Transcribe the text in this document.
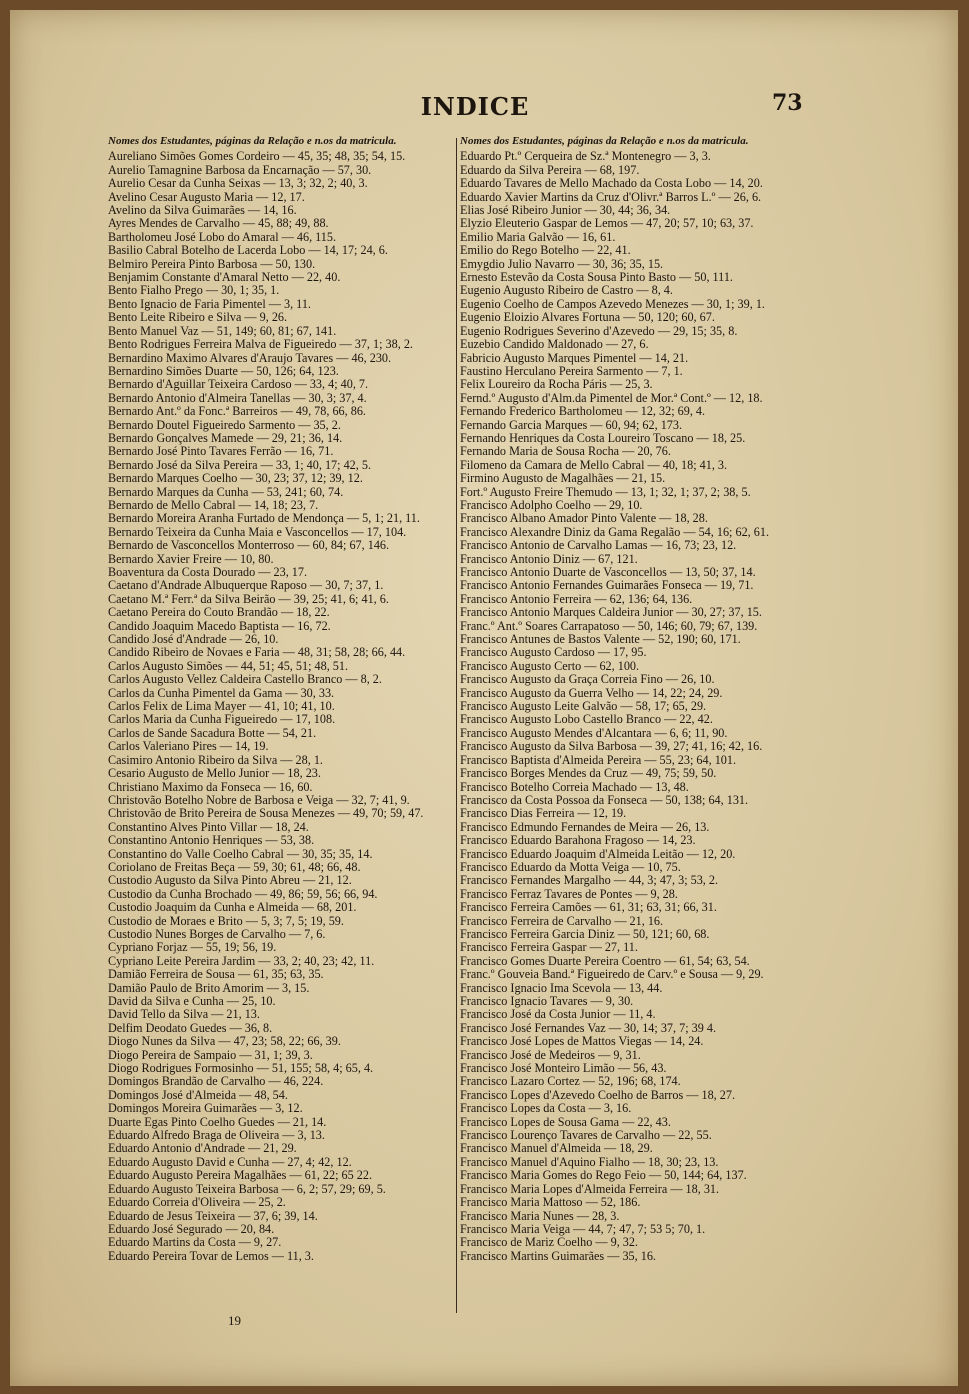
INDICE	73
Nomes dos Estudantes, páginas da Relação e n.os da matricula.
Aureliano Simões Gomes Cordeiro — 45, 35; 48, 35; 54, 15.
Aurelio Tamagnine Barbosa da Encarnação — 57, 30.
Aurelio Cesar da Cunha Seixas — 13, 3; 32, 2; 40, 3.
Avelino Cesar Augusto Maria — 12, 17.
Avelino da Silva Guimarães — 14, 16.
Ayres Mendes de Carvalho — 45, 88; 49, 88.
Bartholomeu José Lobo do Amaral — 46, 115.
Basilio Cabral Botelho de Lacerda Lobo — 14, 17; 24, 6.
Belmiro Pereira Pinto Barbosa — 50, 130.
Benjamim Constante d'Amaral Netto — 22, 40.
Bento Fialho Prego — 30, 1; 35, 1.
Bento Ignacio de Faria Pimentel — 3, 11.
Bento Leite Ribeiro e Silva — 9, 26.
Bento Manuel Vaz — 51, 149; 60, 81; 67, 141.
Bento Rodrigues Ferreira Malva de Figueiredo — 37, 1; 38, 2.
Bernardino Maximo Alvares d'Araujo Tavares — 46, 230.
Bernardino Simões Duarte — 50, 126; 64, 123.
Bernardo d'Aguillar Teixeira Cardoso — 33, 4; 40, 7.
Bernardo Antonio d'Almeira Tanellas — 30, 3; 37, 4.
Bernardo Ant.º da Fonc.ª Barreiros — 49, 78, 66, 86.
Bernardo Doutel Figueiredo Sarmento — 35, 2.
Bernardo Gonçalves Mamede — 29, 21; 36, 14.
Bernardo José Pinto Tavares Ferrão — 16, 71.
Bernardo José da Silva Pereira — 33, 1; 40, 17; 42, 5.
Bernardo Marques Coelho — 30, 23; 37, 12; 39, 12.
Bernardo Marques da Cunha — 53, 241; 60, 74.
Bernardo de Mello Cabral — 14, 18; 23, 7.
Bernardo Moreira Aranha Furtado de Mendonça — 5, 1; 21, 11.
Bernardo Teixeira da Cunha Maia e Vasconcellos — 17, 104.
Bernardo de Vasconcellos Monterroso — 60, 84; 67, 146.
Bernardo Xavier Freire — 10, 80.
Boaventura da Costa Dourado — 23, 17.
Caetano d'Andrade Albuquerque Raposo — 30, 7; 37, 1.
Caetano M.ª Ferr.ª da Silva Beirão — 39, 25; 41, 6; 41, 6.
Caetano Pereira do Couto Brandão — 18, 22.
Candido Joaquim Macedo Baptista — 16, 72.
Candido José d'Andrade — 26, 10.
Candido Ribeiro de Novaes e Faria — 48, 31; 58, 28; 66, 44.
Carlos Augusto Simões — 44, 51; 45, 51; 48, 51.
Carlos Augusto Vellez Caldeira Castello Branco — 8, 2.
Carlos da Cunha Pimentel da Gama — 30, 33.
Carlos Felix de Lima Mayer — 41, 10; 41, 10.
Carlos Maria da Cunha Figueiredo — 17, 108.
Carlos de Sande Sacadura Botte — 54, 21.
Carlos Valeriano Pires — 14, 19.
Casimiro Antonio Ribeiro da Silva — 28, 1.
Cesario Augusto de Mello Junior — 18, 23.
Christiano Maximo da Fonseca — 16, 60.
Christovão Botelho Nobre de Barbosa e Veiga — 32, 7; 41, 9.
Christovão de Brito Pereira de Sousa Menezes — 49, 70; 59, 47.
Constantino Alves Pinto Villar — 18, 24.
Constantino Antonio Henriques — 53, 38.
Constantino do Valle Coelho Cabral — 30, 35; 35, 14.
Coriolano de Freitas Beça — 59, 30; 61, 48; 66, 48.
Custodio Augusto da Silva Pinto Abreu — 21, 12.
Custodio da Cunha Brochado — 49, 86; 59, 56; 66, 94.
Custodio Joaquim da Cunha e Almeida — 68, 201.
Custodio de Moraes e Brito — 5, 3; 7, 5; 19, 59.
Custodio Nunes Borges de Carvalho — 7, 6.
Cypriano Forjaz — 55, 19; 56, 19.
Cypriano Leite Pereira Jardim — 33, 2; 40, 23; 42, 11.
Damião Ferreira de Sousa — 61, 35; 63, 35.
Damião Paulo de Brito Amorim — 3, 15.
David da Silva e Cunha — 25, 10.
David Tello da Silva — 21, 13.
Delfim Deodato Guedes — 36, 8.
Diogo Nunes da Silva — 47, 23; 58, 22; 66, 39.
Diogo Pereira de Sampaio — 31, 1; 39, 3.
Diogo Rodrigues Formosinho — 51, 155; 58, 4; 65, 4.
Domingos Brandão de Carvalho — 46, 224.
Domingos José d'Almeida — 48, 54.
Domingos Moreira Guimarães — 3, 12.
Duarte Egas Pinto Coelho Guedes — 21, 14.
Eduardo Alfredo Braga de Oliveira — 3, 13.
Eduardo Antonio d'Andrade — 21, 29.
Eduardo Augusto David e Cunha — 27, 4; 42, 12.
Eduardo Augusto Pereira Magalhães — 61, 22; 65 22.
Eduardo Augusto Teixeira Barbosa — 6, 2; 57, 29; 69, 5.
Eduardo Correia d'Oliveira — 25, 2.
Eduardo de Jesus Teixeira — 37, 6; 39, 14.
Eduardo José Segurado — 20, 84.
Eduardo Martins da Costa — 9, 27.
Eduardo Pereira Tovar de Lemos — 11, 3.
Nomes dos Estudantes, páginas da Relação e n.os da matricula.
Eduardo Pt.º Cerqueira de Sz.ª Montenegro — 3, 3.
Eduardo da Silva Pereira — 68, 197.
Eduardo Tavares de Mello Machado da Costa Lobo — 14, 20.
Eduardo Xavier Martins da Cruz d'Olivr.ª Barros L.º — 26, 6.
Elias José Ribeiro Junior — 30, 44; 36, 34.
Elyzio Eleuterio Gaspar de Lemos — 47, 20; 57, 10; 63, 37.
Emilio Maria Galvão — 16, 61.
Emilio do Rego Botelho — 22, 41.
Emygdio Julio Navarro — 30, 36; 35, 15.
Ernesto Estevão da Costa Sousa Pinto Basto — 50, 111.
Eugenio Augusto Ribeiro de Castro — 8, 4.
Eugenio Coelho de Campos Azevedo Menezes — 30, 1; 39, 1.
Eugenio Eloizio Alvares Fortuna — 50, 120; 60, 67.
Eugenio Rodrigues Severino d'Azevedo — 29, 15; 35, 8.
Euzebio Candido Maldonado — 27, 6.
Fabricio Augusto Marques Pimentel — 14, 21.
Faustino Herculano Pereira Sarmento — 7, 1.
Felix Loureiro da Rocha Páris — 25, 3.
Fernd.º Augusto d'Alm.da Pimentel de Mor.ª Cont.º — 12, 18.
Fernando Frederico Bartholomeu — 12, 32; 69, 4.
Fernando Garcia Marques — 60, 94; 62, 173.
Fernando Henriques da Costa Loureiro Toscano — 18, 25.
Fernando Maria de Sousa Rocha — 20, 76.
Filomeno da Camara de Mello Cabral — 40, 18; 41, 3.
Firmino Augusto de Magalhães — 21, 15.
Fort.º Augusto Freire Themudo — 13, 1; 32, 1; 37, 2; 38, 5.
Francisco Adolpho Coelho — 29, 10.
Francisco Albano Amador Pinto Valente — 18, 28.
Francisco Alexandre Diniz da Gama Regalão — 54, 16; 62, 61.
Francisco Antonio de Carvalho Lamas — 16, 73; 23, 12.
Francisco Antonio Diniz — 67, 121.
Francisco Antonio Duarte de Vasconcellos — 13, 50; 37, 14.
Francisco Antonio Fernandes Guimarães Fonseca — 19, 71.
Francisco Antonio Ferreira — 62, 136; 64, 136.
Francisco Antonio Marques Caldeira Junior — 30, 27; 37, 15.
Franc.º Ant.º Soares Carrapatoso — 50, 146; 60, 79; 67, 139.
Francisco Antunes de Bastos Valente — 52, 190; 60, 171.
Francisco Augusto Cardoso — 17, 95.
Francisco Augusto Certo — 62, 100.
Francisco Augusto da Graça Correia Fino — 26, 10.
Francisco Augusto da Guerra Velho — 14, 22; 24, 29.
Francisco Augusto Leite Galvão — 58, 17; 65, 29.
Francisco Augusto Lobo Castello Branco — 22, 42.
Francisco Augusto Mendes d'Alcantara — 6, 6; 11, 90.
Francisco Augusto da Silva Barbosa — 39, 27; 41, 16; 42, 16.
Francisco Baptista d'Almeida Pereira — 55, 23; 64, 101.
Francisco Borges Mendes da Cruz — 49, 75; 59, 50.
Francisco Botelho Correia Machado — 13, 48.
Francisco da Costa Possoa da Fonseca — 50, 138; 64, 131.
Francisco Dias Ferreira — 12, 19.
Francisco Edmundo Fernandes de Meira — 26, 13.
Francisco Eduardo Barahona Fragoso — 14, 23.
Francisco Eduardo Joaquim d'Almeida Leitão — 12, 20.
Francisco Eduardo da Motta Veiga — 10, 75.
Francisco Fernandes Margalho — 44, 3; 47, 3; 53, 2.
Francisco Ferraz Tavares de Pontes — 9, 28.
Francisco Ferreira Camões — 61, 31; 63, 31; 66, 31.
Francisco Ferreira de Carvalho — 21, 16.
Francisco Ferreira Garcia Diniz — 50, 121; 60, 68.
Francisco Ferreira Gaspar — 27, 11.
Francisco Gomes Duarte Pereira Coentro — 61, 54; 63, 54.
Franc.º Gouveia Band.ª Figueiredo de Carv.º e Sousa — 9, 29.
Francisco Ignacio Ima Scevola — 13, 44.
Francisco Ignacio Tavares — 9, 30.
Francisco José da Costa Junior — 11, 4.
Francisco José Fernandes Vaz — 30, 14; 37, 7; 39 4.
Francisco José Lopes de Mattos Viegas — 14, 24.
Francisco José de Medeiros — 9, 31.
Francisco José Monteiro Limão — 56, 43.
Francisco Lazaro Cortez — 52, 196; 68, 174.
Francisco Lopes d'Azevedo Coelho de Barros — 18, 27.
Francisco Lopes da Costa — 3, 16.
Francisco Lopes de Sousa Gama — 22, 43.
Francisco Lourenço Tavares de Carvalho — 22, 55.
Francisco Manuel d'Almeida — 18, 29.
Francisco Manuel d'Aquino Fialho — 18, 30; 23, 13.
Francisco Maria Gomes do Rego Feio — 50, 144; 64, 137.
Francisco Maria Lopes d'Almeida Ferreira — 18, 31.
Francisco Maria Mattoso — 52, 186.
Francisco Maria Nunes — 28, 3.
Francisco Maria Veiga — 44, 7; 47, 7; 53 5; 70, 1.
Francisco de Mariz Coelho — 9, 32.
Francisco Martins Guimarães — 35, 16.
19
